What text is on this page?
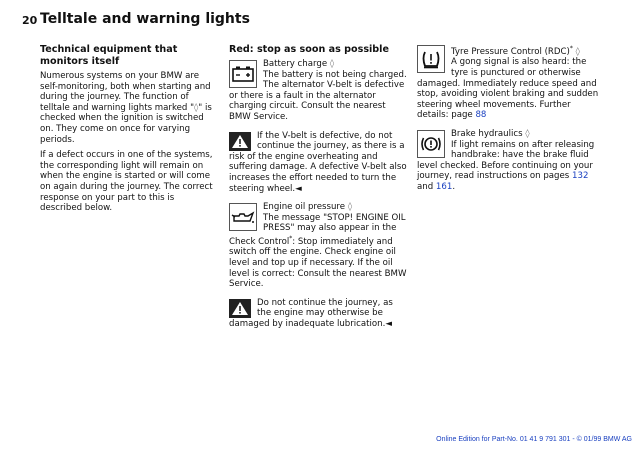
20 Telltale and warning lights
Technical equipment that monitors itself

Numerous systems on your BMW are self-monitoring, both when starting and during the journey. The function of telltale and warning lights marked "◊" is checked when the ignition is switched on. They come on once for varying periods.

If a defect occurs in one of the systems, the corresponding light will remain on when the engine is started or will come on again during the journey. The correct response on your part to this is described below.

Red: stop as soon as possible
Battery charge ◊
The battery is not being charged. The alternator V-belt is defective or there is a fault in the alternator charging circuit. Consult the nearest BMW Service.
If the V-belt is defective, do not continue the journey, as there is a risk of the engine overheating and suffering damage. A defective V-belt also increases the effort needed to turn the steering wheel.◄
Engine oil pressure ◊
The message "STOP! ENGINE OIL PRESS" may also appear in the Check Control*: Stop immediately and switch off the engine. Check engine oil level and top up if necessary. If the oil level is correct: Consult the nearest BMW Service.
Do not continue the journey, as the engine may otherwise be damaged by inadequate lubrication.◄
Tyre Pressure Control (RDC)* ◊
A gong signal is also heard: the tyre is punctured or otherwise damaged. Immediately reduce speed and stop, avoiding violent braking and sudden steering wheel movements. Further details: page 88
Brake hydraulics ◊
If light remains on after releasing handbrake: have the brake fluid level checked. Before continuing on your journey, read instructions on pages 132 and 161.
Online Edition for Part-No. 01 41 9 791 301 - © 01/99 BMW AG
